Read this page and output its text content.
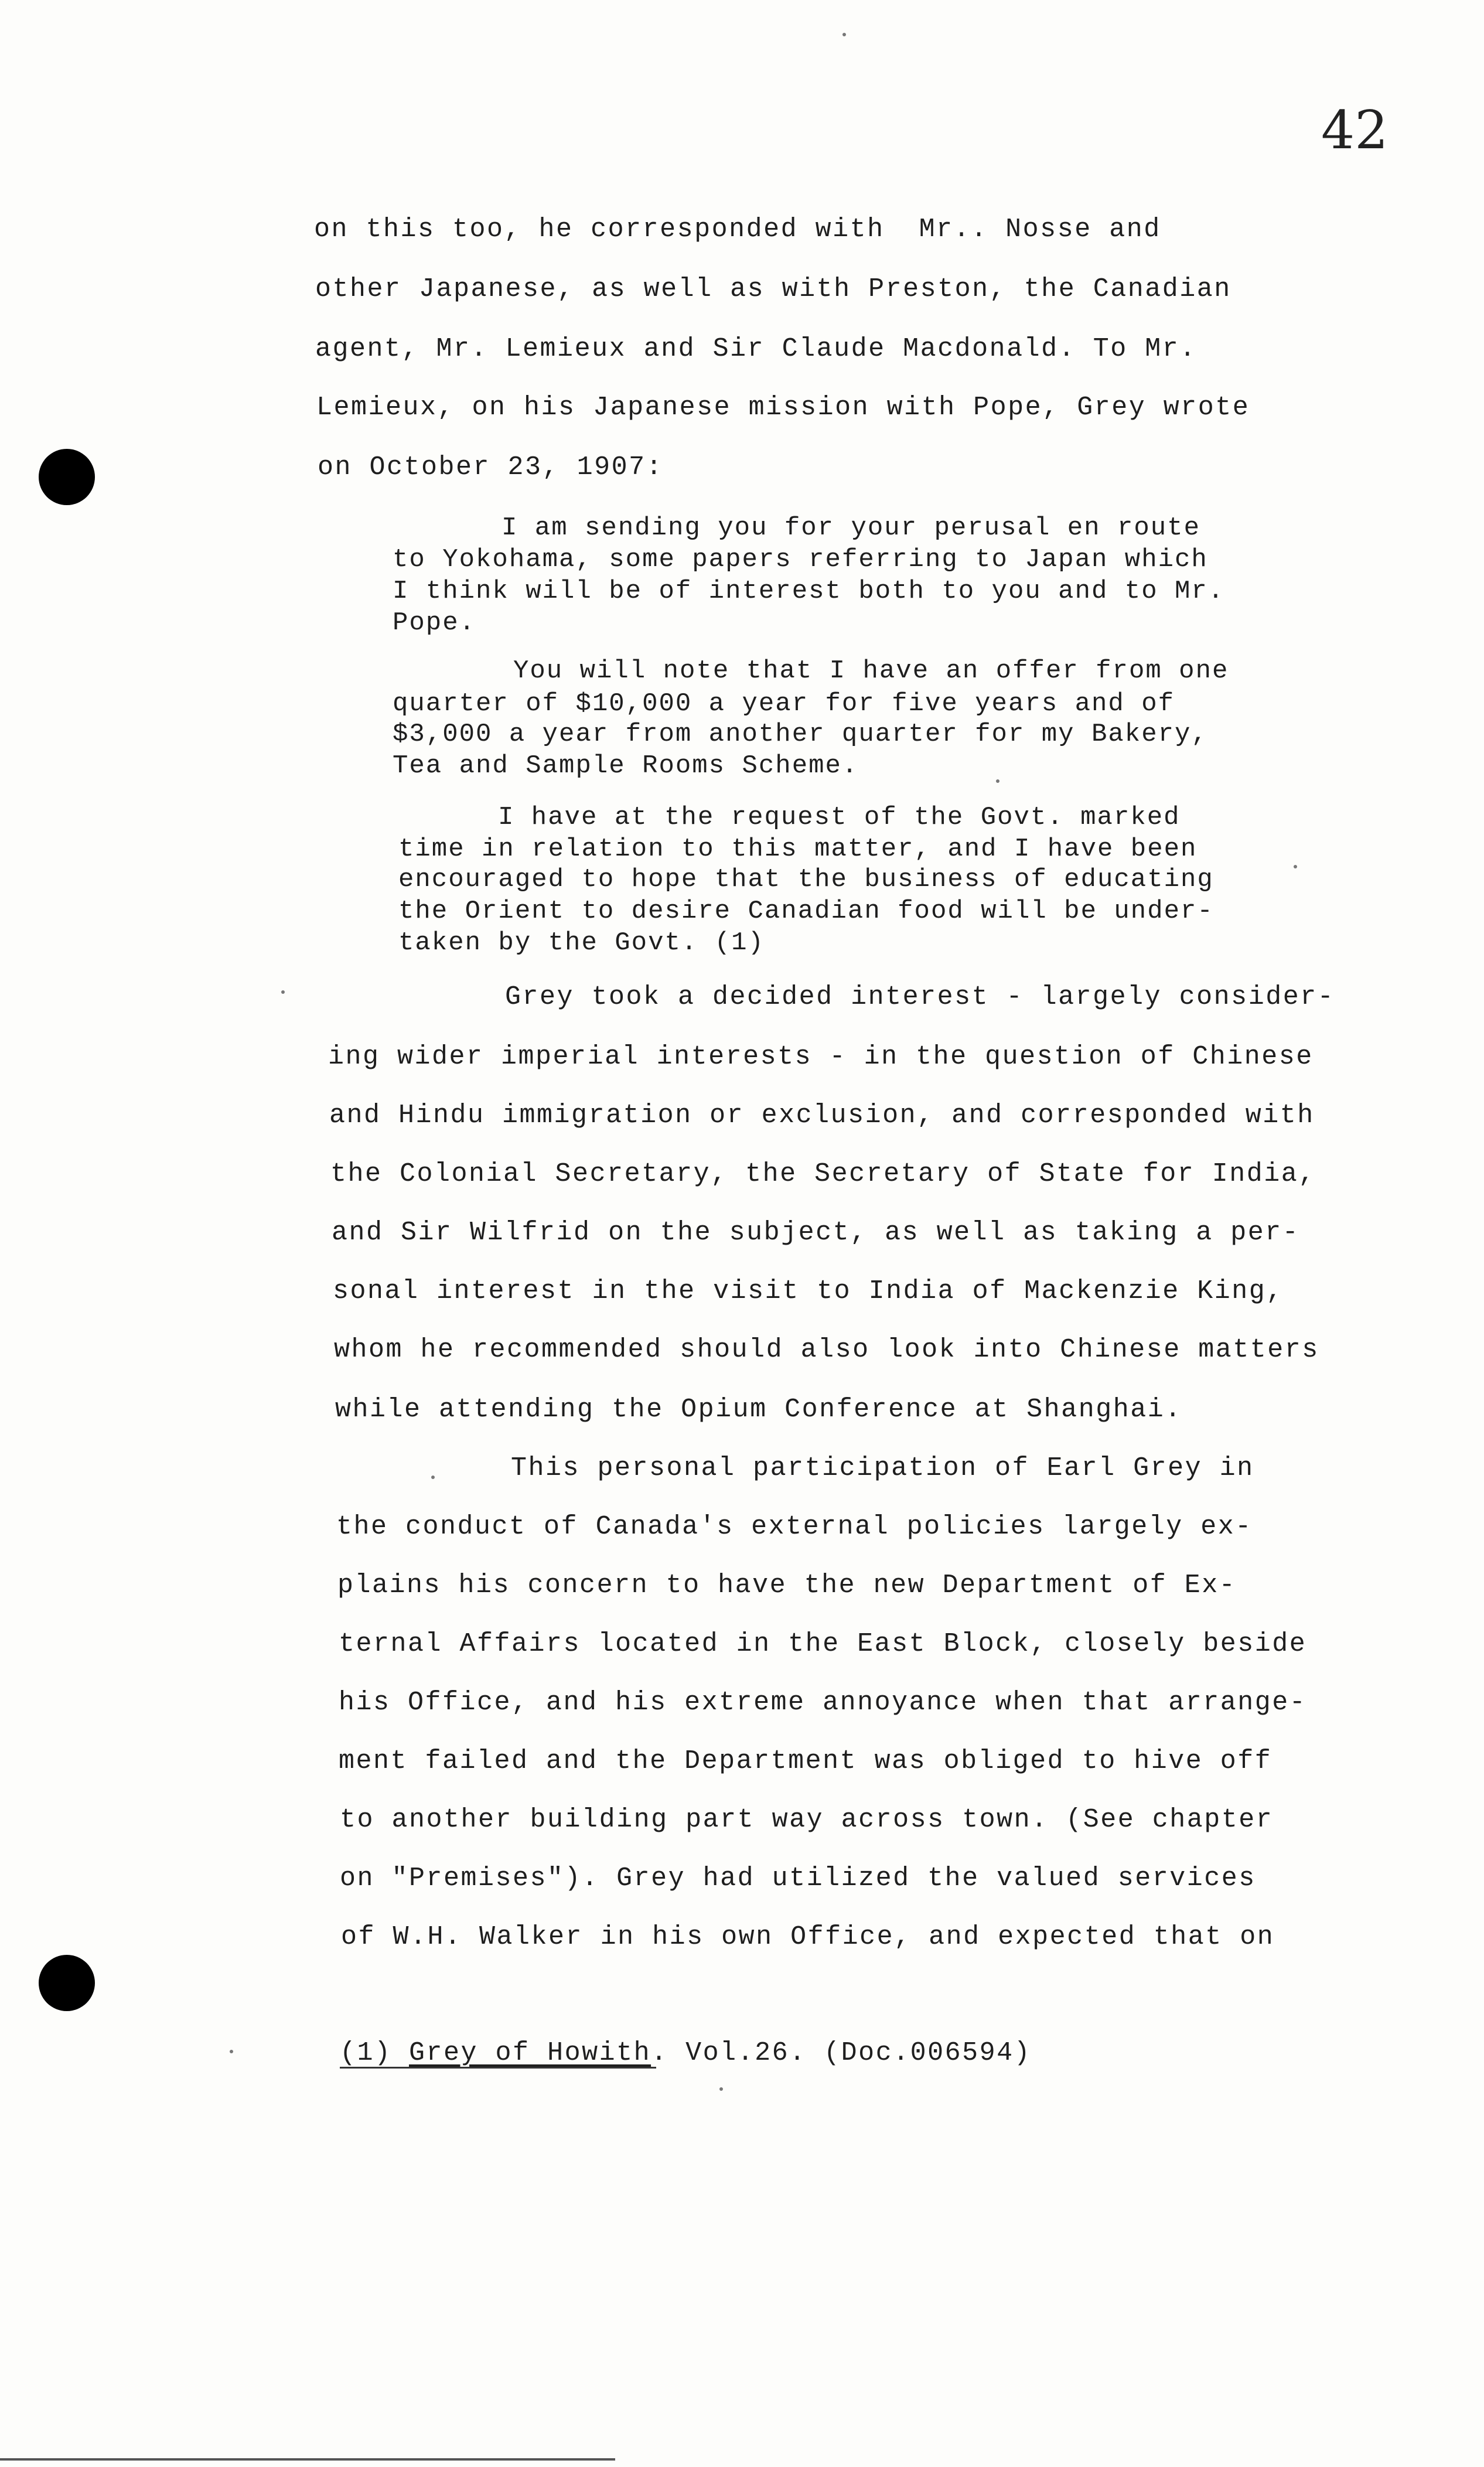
42
on this too, he corresponded with  Mr.. Nosse and
other Japanese, as well as with Preston, the Canadian
agent, Mr. Lemieux and Sir Claude Macdonald. To Mr.
Lemieux, on his Japanese mission with Pope, Grey wrote
on October 23, 1907:
I am sending you for your perusal en route
to Yokohama, some papers referring to Japan which
I think will be of interest both to you and to Mr.
Pope.
You will note that I have an offer from one
quarter of $10,000 a year for five years and of
$3,000 a year from another quarter for my Bakery,
Tea and Sample Rooms Scheme.
I have at the request of the Govt. marked
time in relation to this matter, and I have been
encouraged to hope that the business of educating
the Orient to desire Canadian food will be under-
taken by the Govt. (1)
Grey took a decided interest - largely consider-
ing wider imperial interests - in the question of Chinese
and Hindu immigration or exclusion, and corresponded with
the Colonial Secretary, the Secretary of State for India,
and Sir Wilfrid on the subject, as well as taking a per-
sonal interest in the visit to India of Mackenzie King,
whom he recommended should also look into Chinese matters
while attending the Opium Conference at Shanghai.
This personal participation of Earl Grey in
the conduct of Canada's external policies largely ex-
plains his concern to have the new Department of Ex-
ternal Affairs located in the East Block, closely beside
his Office, and his extreme annoyance when that arrange-
ment failed and the Department was obliged to hive off
to another building part way across town. (See chapter
on "Premises"). Grey had utilized the valued services
of W.H. Walker in his own Office, and expected that on
(1) Grey of Howith. Vol.26. (Doc.006594)
